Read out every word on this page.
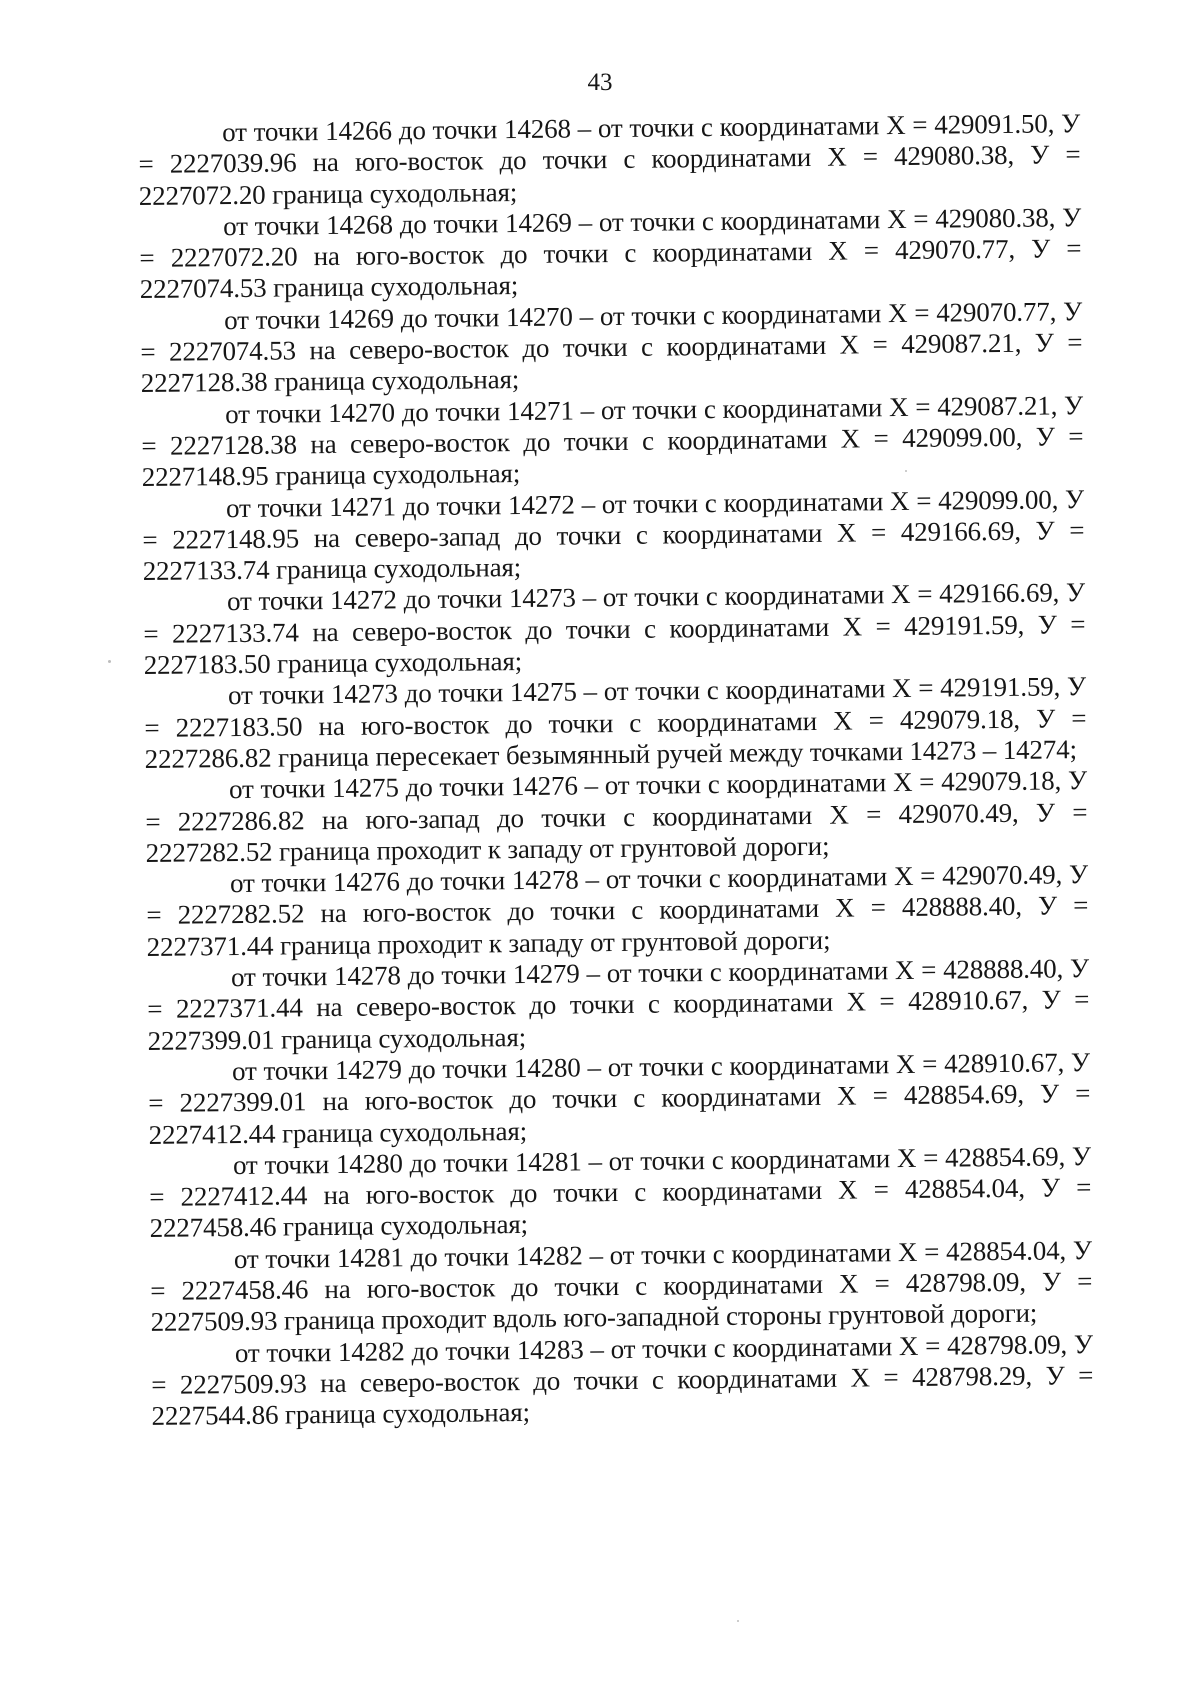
43

от точки 14266 до точки 14268 – от точки с координатами X = 429091.50, У = 2227039.96 на юго-восток до точки с координатами X = 429080.38, У = 2227072.20 граница суходольная;

от точки 14268 до точки 14269 – от точки с координатами X = 429080.38, У = 2227072.20 на юго-восток до точки с координатами X = 429070.77, У = 2227074.53 граница суходольная;

от точки 14269 до точки 14270 – от точки с координатами X = 429070.77, У = 2227074.53 на северо-восток до точки с координатами X = 429087.21, У = 2227128.38 граница суходольная;

от точки 14270 до точки 14271 – от точки с координатами X = 429087.21, У = 2227128.38 на северо-восток до точки с координатами X = 429099.00, У = 2227148.95 граница суходольная;

от точки 14271 до точки 14272 – от точки с координатами X = 429099.00, У = 2227148.95 на северо-запад до точки с координатами X = 429166.69, У = 2227133.74 граница суходольная;

от точки 14272 до точки 14273 – от точки с координатами X = 429166.69, У = 2227133.74 на северо-восток до точки с координатами X = 429191.59, У = 2227183.50 граница суходольная;

от точки 14273 до точки 14275 – от точки с координатами X = 429191.59, У = 2227183.50 на юго-восток до точки с координатами X = 429079.18, У = 2227286.82 граница пересекает безымянный ручей между точками 14273 – 14274;

от точки 14275 до точки 14276 – от точки с координатами X = 429079.18, У = 2227286.82 на юго-запад до точки с координатами X = 429070.49, У = 2227282.52 граница проходит к западу от грунтовой дороги;

от точки 14276 до точки 14278 – от точки с координатами X = 429070.49, У = 2227282.52 на юго-восток до точки с координатами X = 428888.40, У = 2227371.44 граница проходит к западу от грунтовой дороги;

от точки 14278 до точки 14279 – от точки с координатами X = 428888.40, У = 2227371.44 на северо-восток до точки с координатами X = 428910.67, У = 2227399.01 граница суходольная;

от точки 14279 до точки 14280 – от точки с координатами X = 428910.67, У = 2227399.01 на юго-восток до точки с координатами X = 428854.69, У = 2227412.44 граница суходольная;

от точки 14280 до точки 14281 – от точки с координатами X = 428854.69, У = 2227412.44 на юго-восток до точки с координатами X = 428854.04, У = 2227458.46 граница суходольная;

от точки 14281 до точки 14282 – от точки с координатами X = 428854.04, У = 2227458.46 на юго-восток до точки с координатами X = 428798.09, У = 2227509.93 граница проходит вдоль юго-западной стороны грунтовой дороги;

от точки 14282 до точки 14283 – от точки с координатами X = 428798.09, У = 2227509.93 на северо-восток до точки с координатами X = 428798.29, У = 2227544.86 граница суходольная;
